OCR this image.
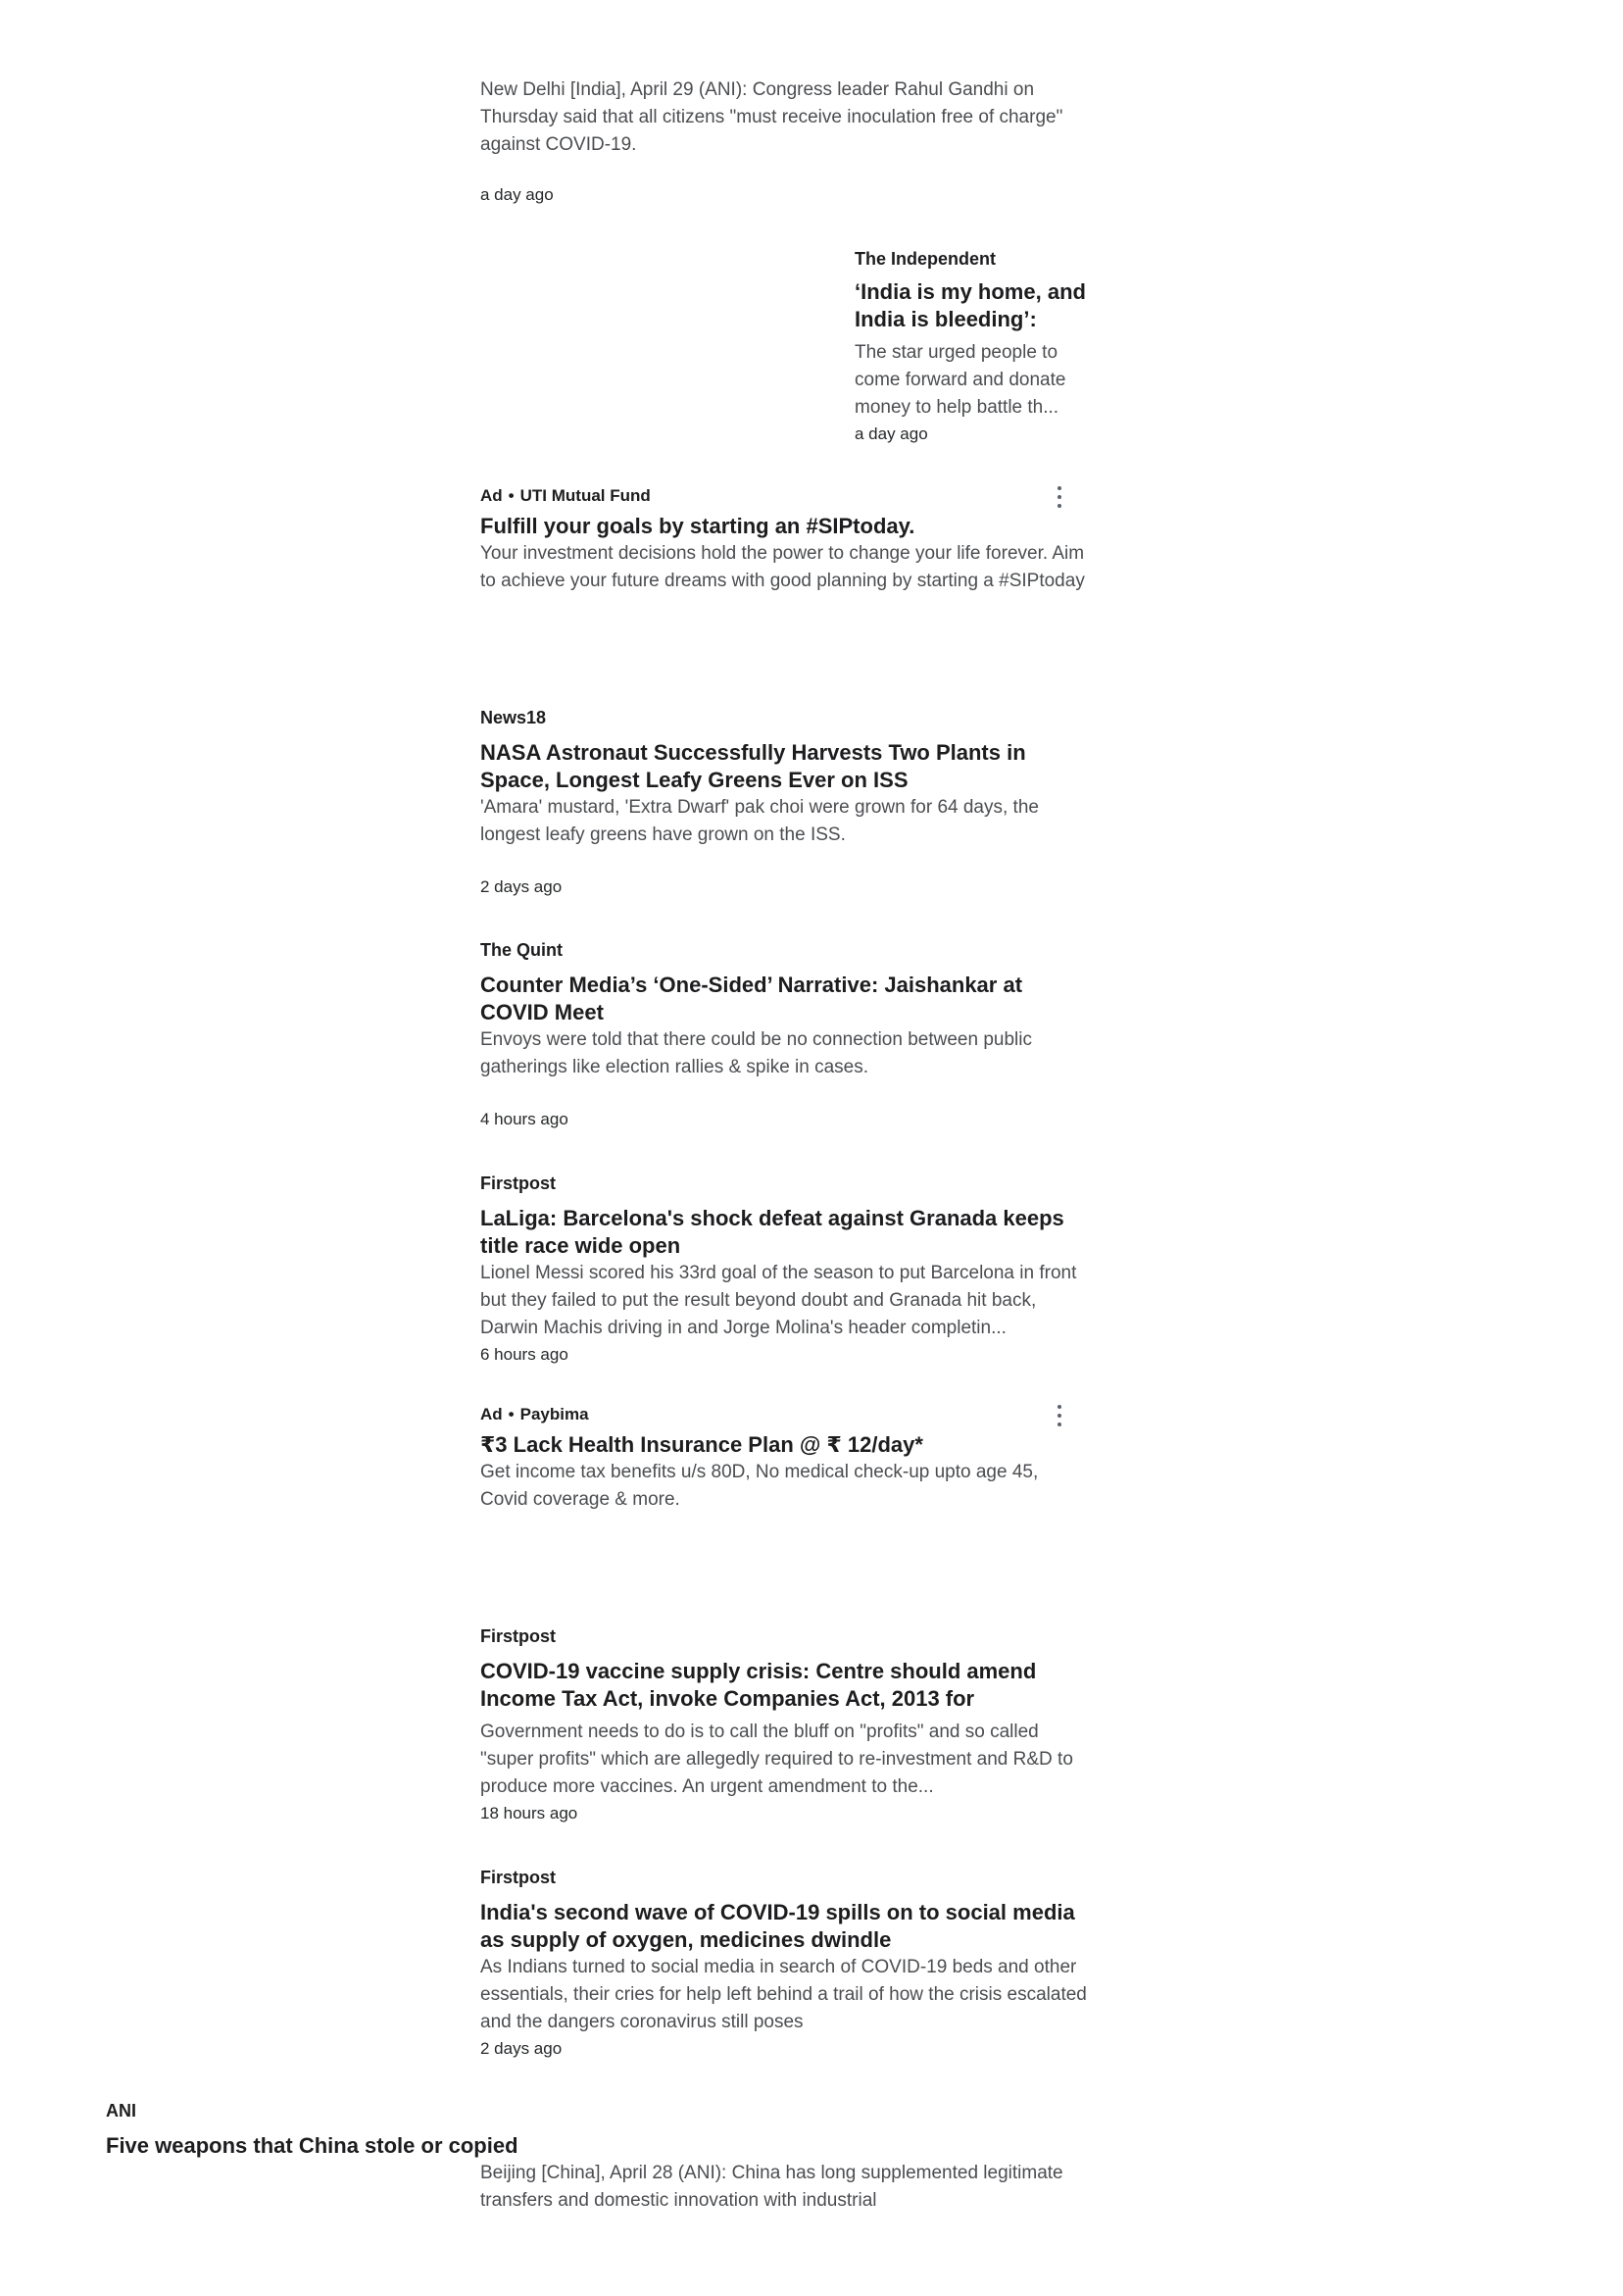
New Delhi [India], April 29 (ANI): Congress leader Rahul Gandhi on Thursday said that all citizens "must receive inoculation free of charge" against COVID-19.
a day ago
The Independent
‘India is my home, and India is bleeding’:
The star urged people to come forward and donate money to help battle th...
a day ago
Ad • UTI Mutual Fund
Fulfill your goals by starting an #SIPtoday.
Your investment decisions hold the power to change your life forever. Aim to achieve your future dreams with good planning by starting a #SIPtoday
News18
NASA Astronaut Successfully Harvests Two Plants in Space, Longest Leafy Greens Ever on ISS
'Amara' mustard, 'Extra Dwarf' pak choi were grown for 64 days, the longest leafy greens have grown on the ISS.
2 days ago
The Quint
Counter Media’s ‘One-Sided’ Narrative: Jaishankar at COVID Meet
Envoys were told that there could be no connection between public gatherings like election rallies & spike in cases.
4 hours ago
Firstpost
LaLiga: Barcelona's shock defeat against Granada keeps title race wide open
Lionel Messi scored his 33rd goal of the season to put Barcelona in front but they failed to put the result beyond doubt and Granada hit back, Darwin Machis driving in and Jorge Molina's header completin...
6 hours ago
Ad • Paybima
₹3 Lack Health Insurance Plan @ ₹ 12/day*
Get income tax benefits u/s 80D, No medical check-up upto age 45, Covid coverage & more.
Firstpost
COVID-19 vaccine supply crisis: Centre should amend Income Tax Act, invoke Companies Act, 2013 for
Government needs to do is to call the bluff on "profits" and so called "super profits" which are allegedly required to re-investment and R&D to produce more vaccines. An urgent amendment to the...
18 hours ago
Firstpost
India's second wave of COVID-19 spills on to social media as supply of oxygen, medicines dwindle
As Indians turned to social media in search of COVID-19 beds and other essentials, their cries for help left behind a trail of how the crisis escalated and the dangers coronavirus still poses
2 days ago
ANI
Five weapons that China stole or copied
Beijing [China], April 28 (ANI): China has long supplemented legitimate transfers and domestic innovation with industrial
